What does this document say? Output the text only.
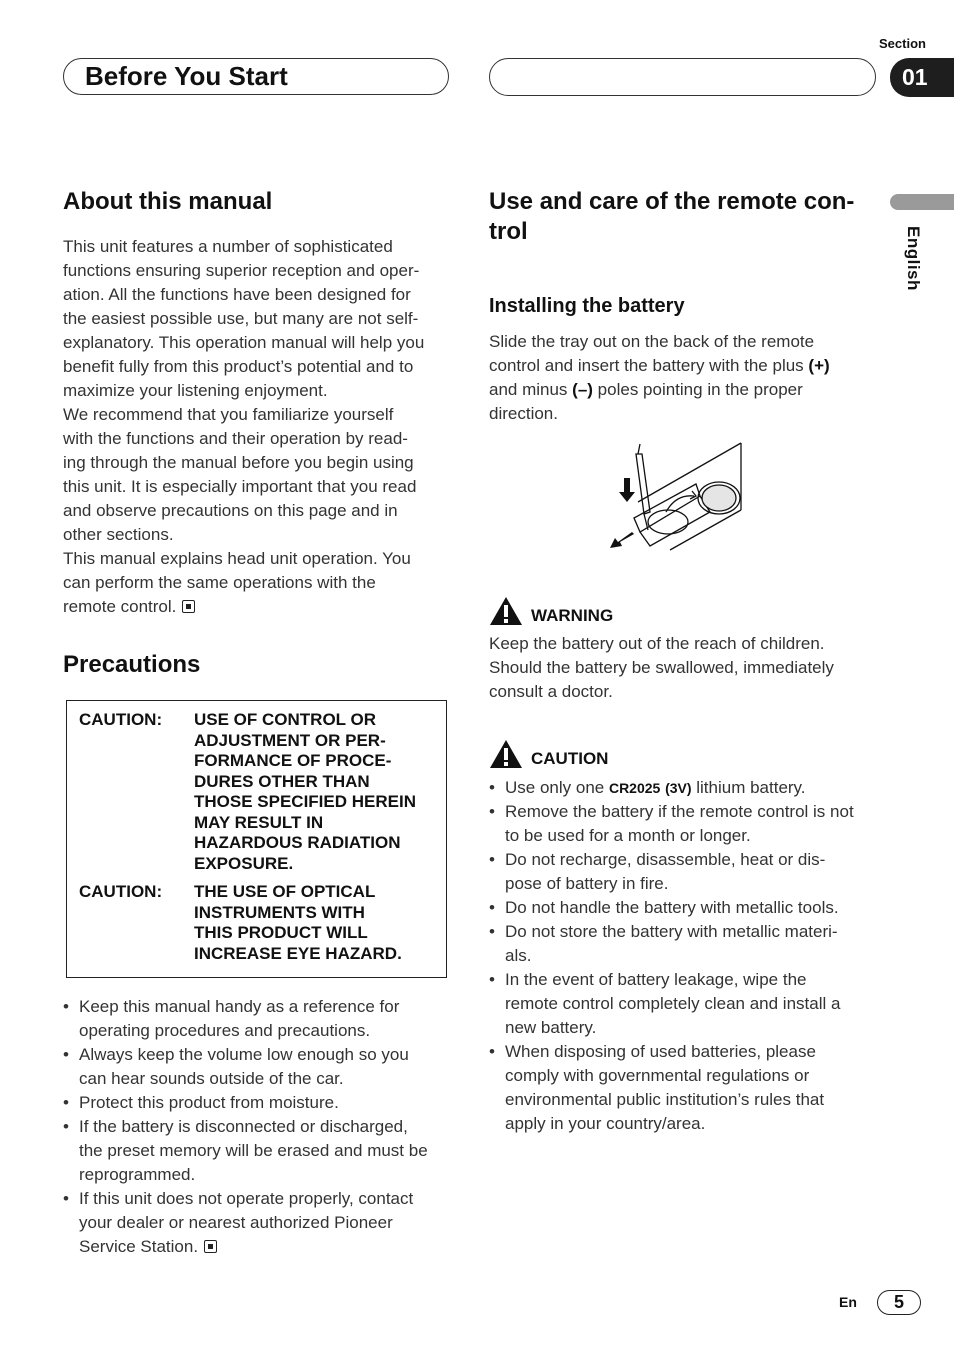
Section
Before You Start	01
English
About this manual

This unit features a number of sophisticated

functions ensuring superior reception and oper-

ation. All the functions have been designed for

the easiest possible use, but many are not self-

explanatory. This operation manual will help you

benefit fully from this product’s potential and to

maximize your listening enjoyment.

We recommend that you familiarize yourself

with the functions and their operation by read-

ing through the manual before you begin using

this unit. It is especially important that you read

and observe precautions on this page and in

other sections.

This manual explains head unit operation. You

can perform the same operations with the

remote control.

Precautions
CAUTION: USE OF CONTROL OR
ADJUSTMENT OR PER-
FORMANCE OF PROCE-
DURES OTHER THAN
THOSE SPECIFIED HEREIN
MAY RESULT IN
HAZARDOUS RADIATION
EXPOSURE.
CAUTION: THE USE OF OPTICAL
INSTRUMENTS WITH
THIS PRODUCT WILL
INCREASE EYE HAZARD.
• Keep this manual handy as a reference for
operating procedures and precautions.
• Always keep the volume low enough so you
can hear sounds outside of the car.
• Protect this product from moisture.
• If the battery is disconnected or discharged,
the preset memory will be erased and must be
reprogrammed.
• If this unit does not operate properly, contact
your dealer or nearest authorized Pioneer
Service Station.
Use and care of the remote con-
trol
Installing the battery

Slide the tray out on the back of the remote

control and insert the battery with the plus (+)

and minus (–) poles pointing in the proper

direction.

WARNING

Keep the battery out of the reach of children.

Should the battery be swallowed, immediately

consult a doctor.

CAUTION
• Use only one CR2025 (3V) lithium battery.
• Remove the battery if the remote control is not
to be used for a month or longer.
• Do not recharge, disassemble, heat or dis-
pose of battery in fire.
• Do not handle the battery with metallic tools.
• Do not store the battery with metallic materi-
als.
• In the event of battery leakage, wipe the
remote control completely clean and install a
new battery.
• When disposing of used batteries, please
comply with governmental regulations or
environmental public institution’s rules that
apply in your country/area.
En	5
